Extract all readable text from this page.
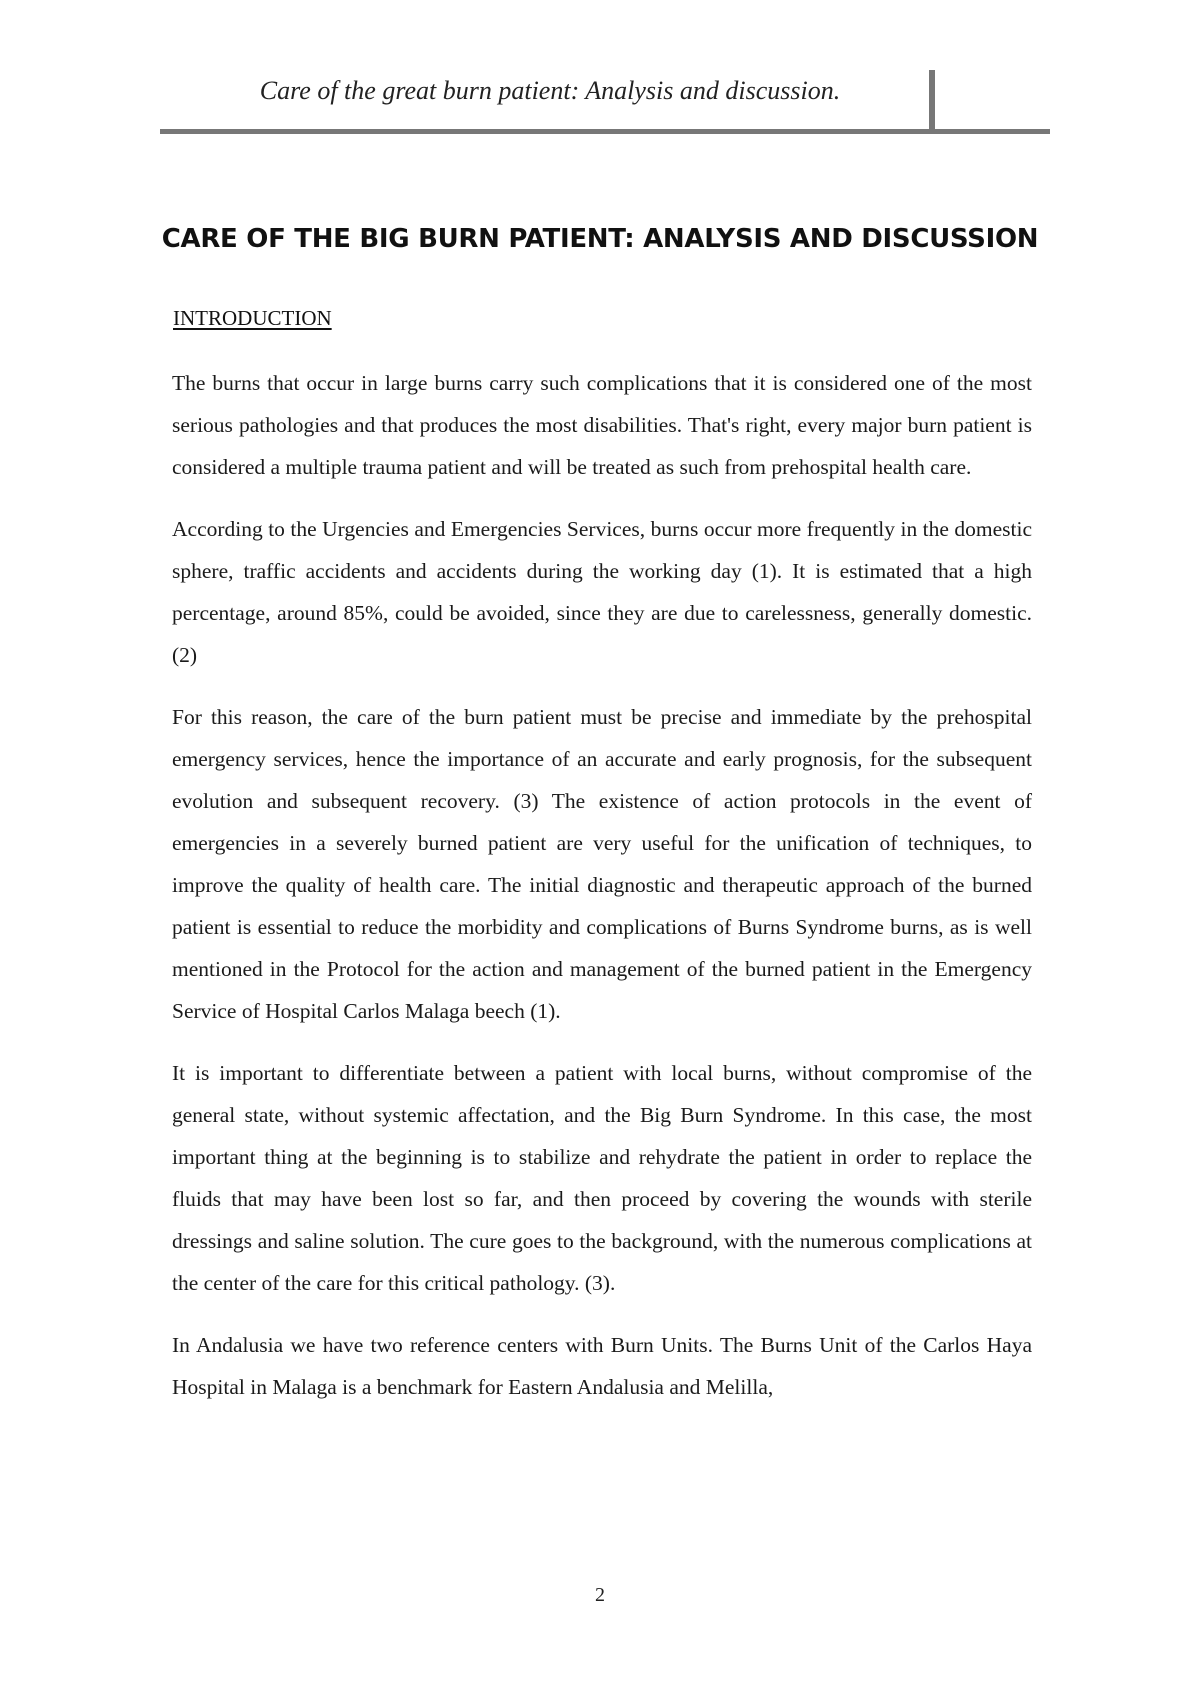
Care of the great burn patient: Analysis and discussion.
CARE OF THE BIG BURN PATIENT: ANALYSIS AND DISCUSSION
INTRODUCTION

The burns that occur in large burns carry such complications that it is considered one of the most serious pathologies and that produces the most disabilities. That's right, every major burn patient is considered a multiple trauma patient and will be treated as such from prehospital health care.

According to the Urgencies and Emergencies Services, burns occur more frequently in the domestic sphere, traffic accidents and accidents during the working day (1). It is estimated that a high percentage, around 85%, could be avoided, since they are due to carelessness, generally domestic. (2)

For this reason, the care of the burn patient must be precise and immediate by the prehospital emergency services, hence the importance of an accurate and early prognosis, for the subsequent evolution and subsequent recovery. (3) The existence of action protocols in the event of emergencies in a severely burned patient are very useful for the unification of techniques, to improve the quality of health care. The initial diagnostic and therapeutic approach of the burned patient is essential to reduce the morbidity and complications of Burns Syndrome burns, as is well mentioned in the Protocol for the action and management of the burned patient in the Emergency Service of Hospital Carlos Malaga beech (1).

It is important to differentiate between a patient with local burns, without compromise of the general state, without systemic affectation, and the Big Burn Syndrome. In this case, the most important thing at the beginning is to stabilize and rehydrate the patient in order to replace the fluids that may have been lost so far, and then proceed by covering the wounds with sterile dressings and saline solution. The cure goes to the background, with the numerous complications at the center of the care for this critical pathology. (3).

In Andalusia we have two reference centers with Burn Units. The Burns Unit of the Carlos Haya Hospital in Malaga is a benchmark for Eastern Andalusia and Melilla,

2
